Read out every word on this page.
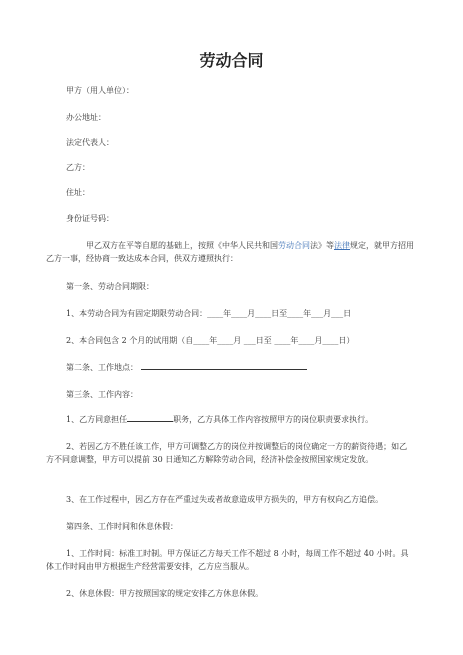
劳动合同
甲方（用人单位）：
办公地址：
法定代表人：
乙方：
住址：
身份证号码：
甲乙双方在平等自愿的基础上，按照《中华人民共和国劳动合同法》等法律规定，就甲方招用乙方一事，经协商一致达成本合同，供双方遵照执行：
第一条、劳动合同期限：
1、本劳动合同为有固定期限劳动合同：____年____月____日至____年___月___日
2、本合同包含 2 个月的试用期（自____年____月 ___日至 ____年____月____日）
第二条、工作地点：
第三条、工作内容：
1、乙方同意担任	职务，乙方具体工作内容按照甲方的岗位职责要求执行。
2、若因乙方不胜任该工作，甲方可调整乙方的岗位并按调整后的岗位确定一方的薪资待遇；如乙方不同意调整，甲方可以提前 30 日通知乙方解除劳动合同，经济补偿金按照国家规定发放。
3、在工作过程中，因乙方存在严重过失或者故意造成甲方损失的，甲方有权向乙方追偿。
第四条、工作时间和休息休假：
1、工作时间：标准工时制。甲方保证乙方每天工作不超过 8 小时，每周工作不超过 40 小时。具体工作时间由甲方根据生产经营需要安排，乙方应当服从。
2、休息休假：甲方按照国家的规定安排乙方休息休假。
